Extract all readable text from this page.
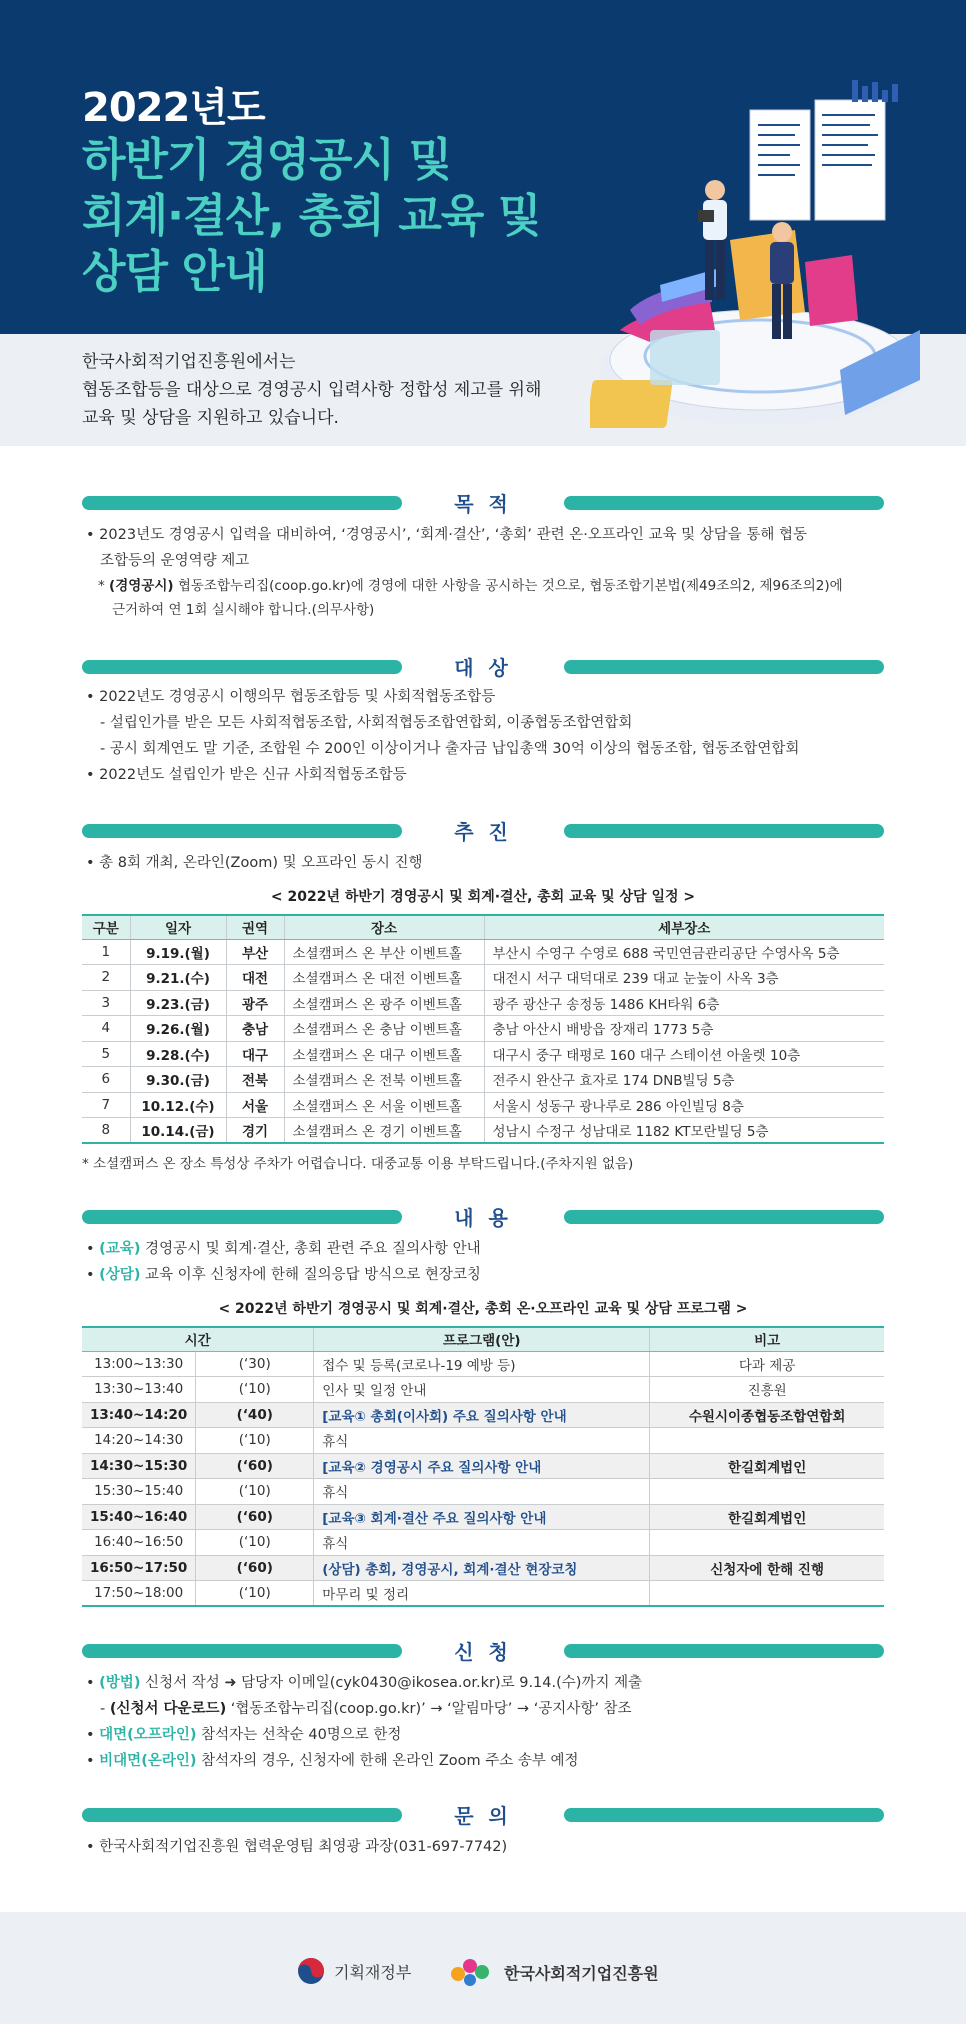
2022년도
하반기 경영공시 및
회계·결산, 총회 교육 및
상담 안내
한국사회적기업진흥원에서는
협동조합등을 대상으로 경영공시 입력사항 정합성 제고를 위해
교육 및 상담을 지원하고 있습니다.
목 적
• 2023년도 경영공시 입력을 대비하여, ‘경영공시’, ‘회계·결산’, ‘총회’ 관련 온·오프라인 교육 및 상담을 통해 협동
조합등의 운영역량 제고
* (경영공시) 협동조합누리집(coop.go.kr)에 경영에 대한 사항을 공시하는 것으로, 협동조합기본법(제49조의2, 제96조의2)에
근거하여 연 1회 실시해야 합니다.(의무사항)
대 상
• 2022년도 경영공시 이행의무 협동조합등 및 사회적협동조합등
- 설립인가를 받은 모든 사회적협동조합, 사회적협동조합연합회, 이종협동조합연합회
- 공시 회계연도 말 기준, 조합원 수 200인 이상이거나 출자금 납입총액 30억 이상의 협동조합, 협동조합연합회
• 2022년도 설립인가 받은 신규 사회적협동조합등
추 진
• 총 8회 개최, 온라인(Zoom) 및 오프라인 동시 진행
< 2022년 하반기 경영공시 및 회계·결산, 총회 교육 및 상담 일정 >
구분	일자	권역	장소	세부장소
1	9.19.(월)	부산	소셜캠퍼스 온 부산 이벤트홀	부산시 수영구 수영로 688 국민연금관리공단 수영사옥 5층
2	9.21.(수)	대전	소셜캠퍼스 온 대전 이벤트홀	대전시 서구 대덕대로 239 대교 눈높이 사옥 3층
3	9.23.(금)	광주	소셜캠퍼스 온 광주 이벤트홀	광주 광산구 송정동 1486 KH타워 6층
4	9.26.(월)	충남	소셜캠퍼스 온 충남 이벤트홀	충남 아산시 배방읍 장재리 1773 5층
5	9.28.(수)	대구	소셜캠퍼스 온 대구 이벤트홀	대구시 중구 태평로 160 대구 스테이션 아울렛 10층
6	9.30.(금)	전북	소셜캠퍼스 온 전북 이벤트홀	전주시 완산구 효자로 174 DNB빌딩 5층
7	10.12.(수)	서울	소셜캠퍼스 온 서울 이벤트홀	서울시 성동구 광나루로 286 아인빌딩 8층
8	10.14.(금)	경기	소셜캠퍼스 온 경기 이벤트홀	성남시 수정구 성남대로 1182 KT모란빌딩 5층
* 소셜캠퍼스 온 장소 특성상 주차가 어렵습니다. 대중교통 이용 부탁드립니다.(주차지원 없음)
내 용
• (교육) 경영공시 및 회계·결산, 총회 관련 주요 질의사항 안내
• (상담) 교육 이후 신청자에 한해 질의응답 방식으로 현장코칭
< 2022년 하반기 경영공시 및 회계·결산, 총회 온·오프라인 교육 및 상담 프로그램 >
시간		프로그램(안)	비고
13:00~13:30	(‘30)	접수 및 등록(코로나-19 예방 등)	다과 제공
13:30~13:40	(‘10)	인사 및 일정 안내	진흥원
13:40~14:20	(‘40)	[교육① 총회(이사회) 주요 질의사항 안내	수원시이종협동조합연합회
14:20~14:30	(‘10)	휴식	
14:30~15:30	(‘60)	[교육② 경영공시 주요 질의사항 안내	한길회계법인
15:30~15:40	(‘10)	휴식	
15:40~16:40	(‘60)	[교육③ 회계·결산 주요 질의사항 안내	한길회계법인
16:40~16:50	(‘10)	휴식	
16:50~17:50	(‘60)	(상담) 총회, 경영공시, 회계·결산 현장코칭	신청자에 한해 진행
17:50~18:00	(‘10)	마무리 및 정리	
신 청
• (방법) 신청서 작성 ➜ 담당자 이메일(cyk0430@ikosea.or.kr)로 9.14.(수)까지 제출
- (신청서 다운로드) ‘협동조합누리집(coop.go.kr)’ → ‘알림마당’ → ‘공지사항’ 참조
• 대면(오프라인) 참석자는 선착순 40명으로 한정
• 비대면(온라인) 참석자의 경우, 신청자에 한해 온라인 Zoom 주소 송부 예정
문 의
• 한국사회적기업진흥원 협력운영팀 최영광 과장(031-697-7742)
기획재정부	한국사회적기업진흥원
